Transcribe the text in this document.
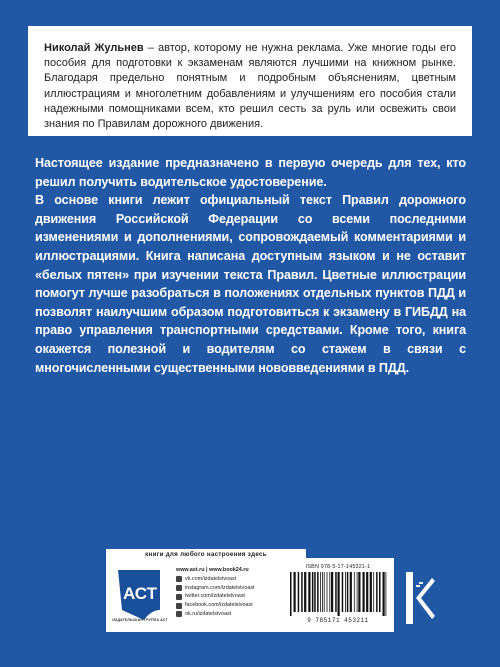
Николай Жульнев – автор, которому не нужна реклама. Уже многие годы его пособия для подготовки к экзаменам являются лучшими на книжном рынке. Благодаря предельно понятным и подробным объяснениям, цветным иллюстрациям и многолетним добавлениям и улучшениям его пособия стали надежными помощниками всем, кто решил сесть за руль или освежить свои знания по Правилам дорожного движения.

Настоящее издание предназначено в первую очередь для тех, кто решил получить водительское удостоверение.

В основе книги лежит официальный текст Правил дорожного движения Российской Федерации со всеми последними изменениями и дополнениями, сопровождаемый комментариями и иллюстрациями. Книга написана доступным языком и не оставит «белых пятен» при изучении текста Правил. Цветные иллюстрации помогут лучше разобраться в положениях отдельных пунктов ПДД и позволят наилучшим образом подготовиться к экзамену в ГИБДД на право управления транспортными средствами. Кроме того, книга окажется полезной и водителям со стажем в связи с многочисленными существенными нововведениями в ПДД.

книги для любого настроения здесь
АСТ
ИЗДАТЕЛЬСКАЯ ГРУППА АСТ
www.ast.ru | www.book24.ru
vk.com/izdatelstvoast
instagram.com/izdatelstvoast
twitter.com/izdatelstvoast
facebook.com/izdatelstvoast
ok.ru/izdatelstvoast
ISBN 978-5-17-145321-1
9 785171 453211
